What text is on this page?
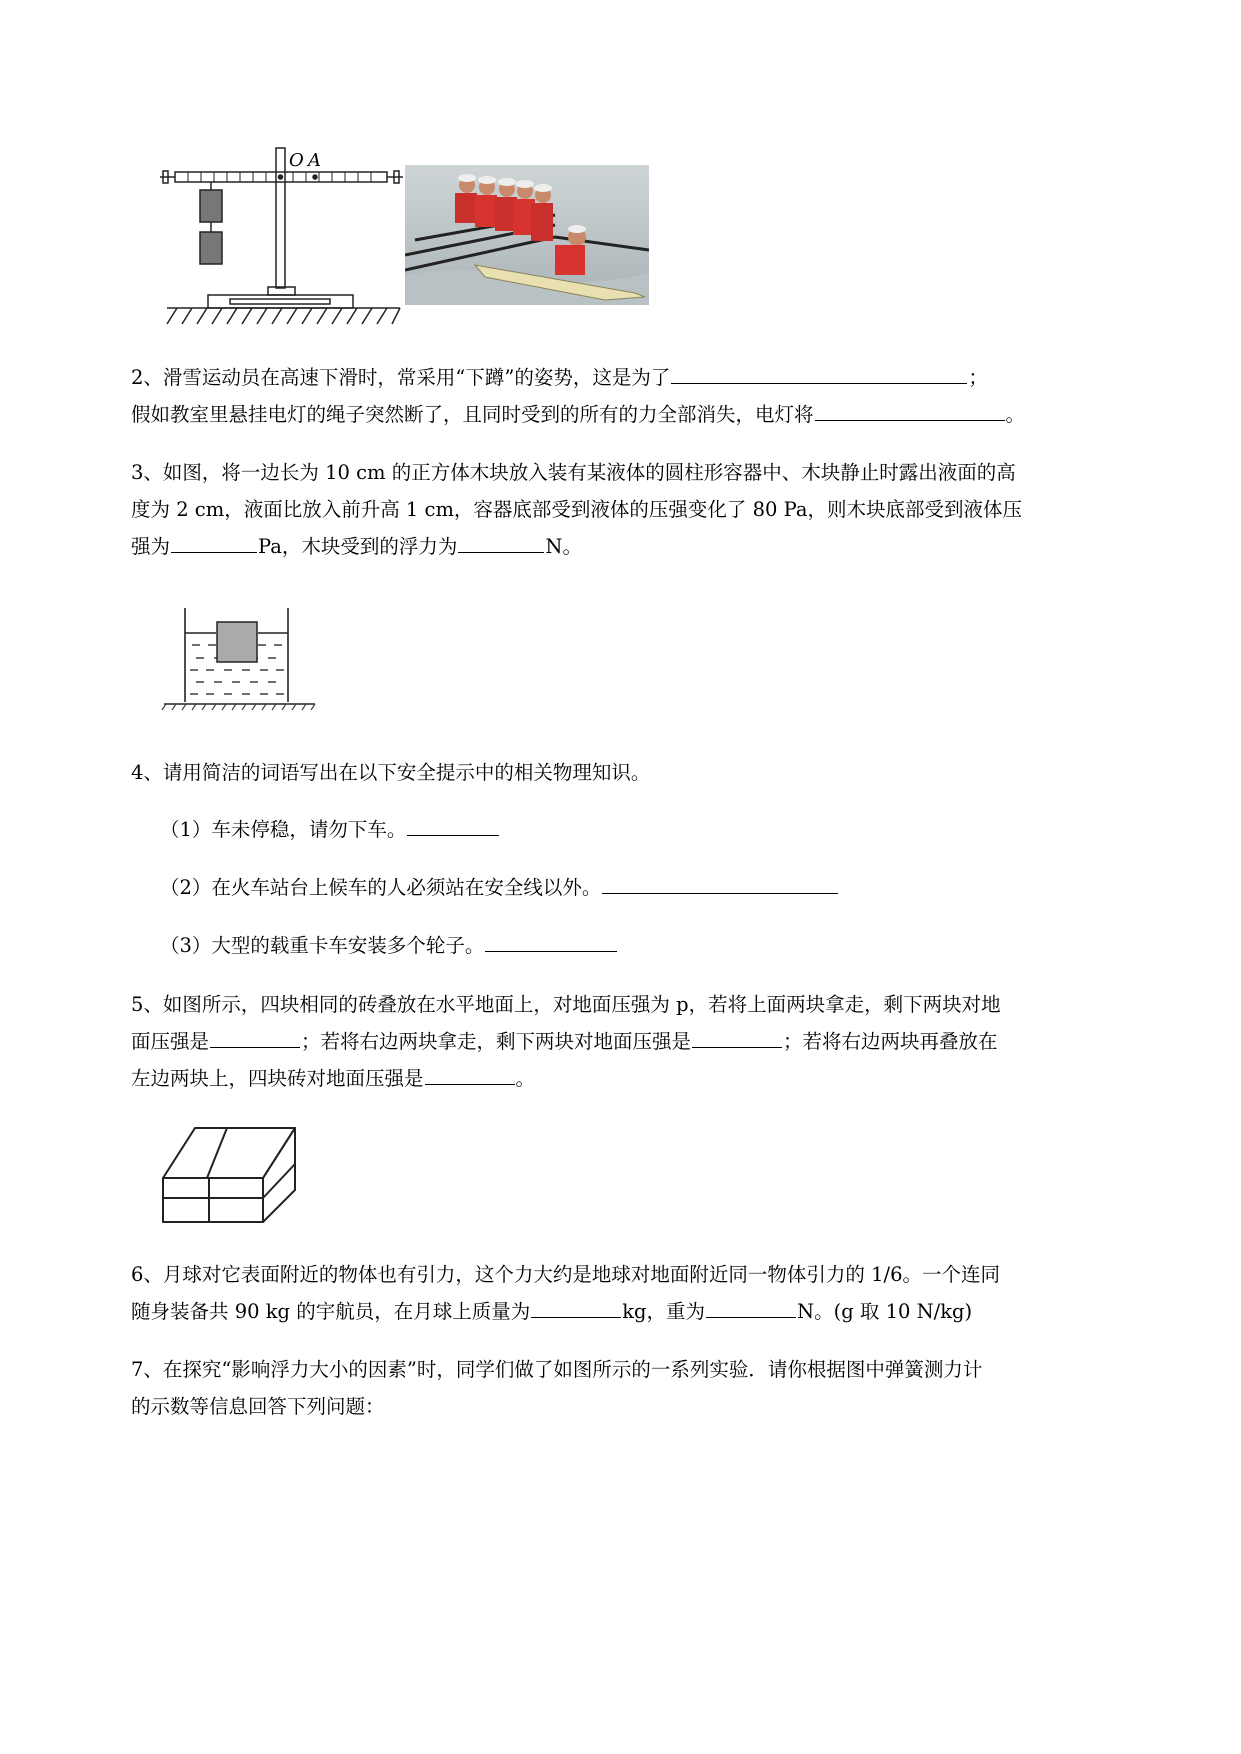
O A
2、滑雪运动员在高速下滑时，常采用“下蹲”的姿势，这是为了	；
假如教室里悬挂电灯的绳子突然断了，且同时受到的所有的力全部消失，电灯将	。
3、如图，将一边长为 10 cm 的正方体木块放入装有某液体的圆柱形容器中、木块静止时露出液面的高
度为 2 cm，液面比放入前升高 1 cm，容器底部受到液体的压强变化了 80 Pa，则木块底部受到液体压
强为	Pa，木块受到的浮力为	N。
4、请用简洁的词语写出在以下安全提示中的相关物理知识。
（1）车未停稳，请勿下车。
（2）在火车站台上候车的人必须站在安全线以外。
（3）大型的载重卡车安装多个轮子。
5、如图所示，四块相同的砖叠放在水平地面上，对地面压强为 p，若将上面两块拿走，剩下两块对地
面压强是	；若将右边两块拿走，剩下两块对地面压强是	；若将右边两块再叠放在
左边两块上，四块砖对地面压强是	。
6、月球对它表面附近的物体也有引力，这个力大约是地球对地面附近同一物体引力的 1/6。一个连同
随身装备共 90 kg 的宇航员，在月球上质量为	kg，重为	N。(g 取 10 N/kg)
7、在探究“影响浮力大小的因素”时，同学们做了如图所示的一系列实验．请你根据图中弹簧测力计
的示数等信息回答下列问题：
